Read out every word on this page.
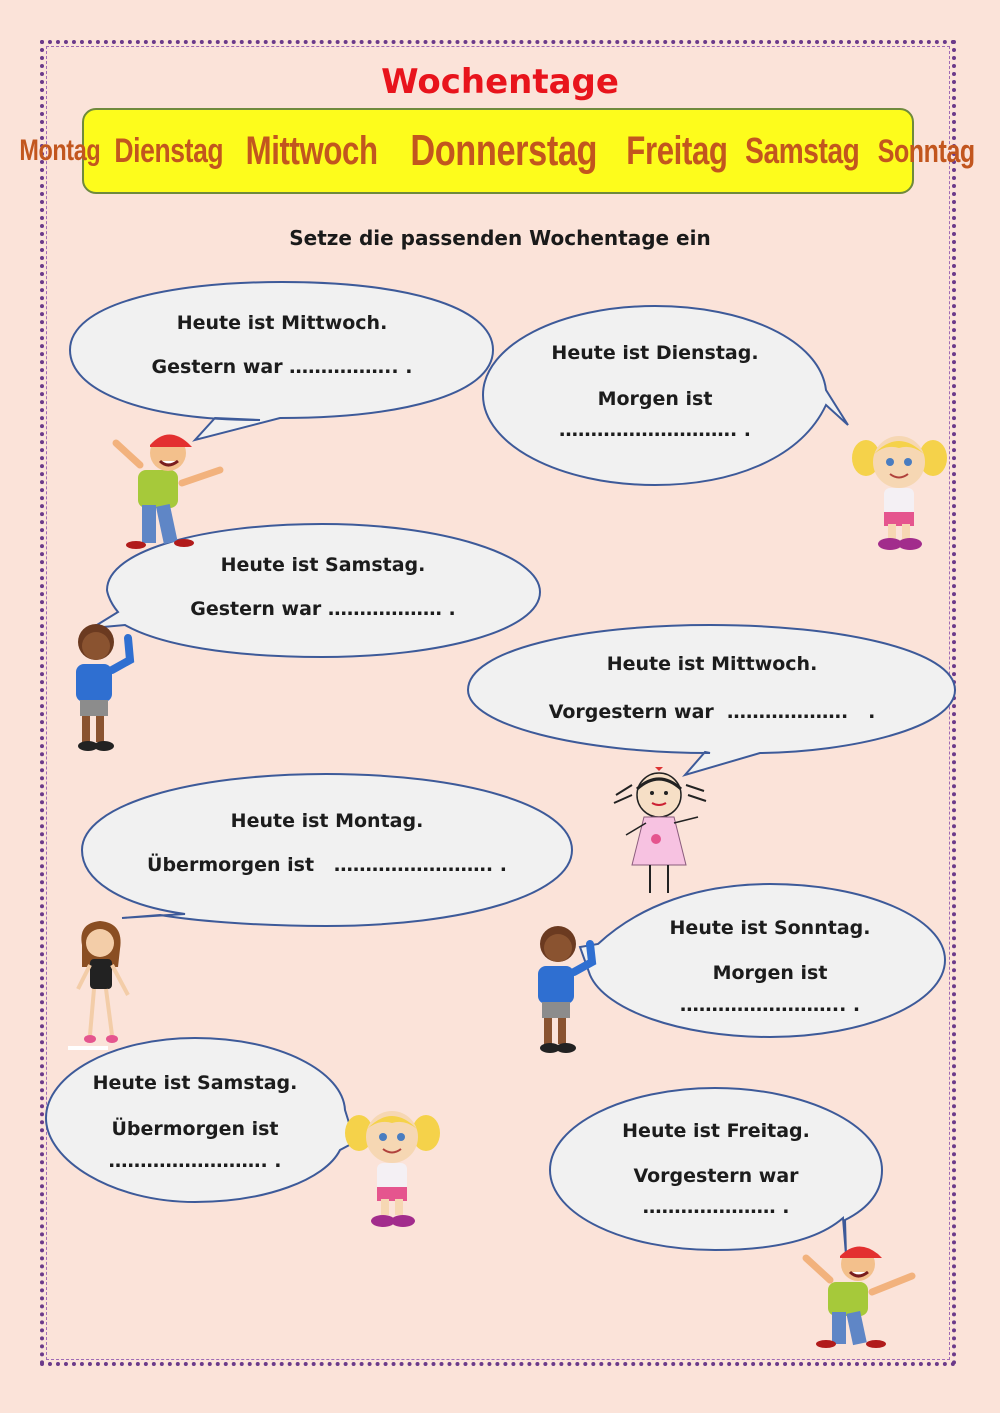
Wochentage
Montag Dienstag Mittwoch Donnerstag Freitag Samstag Sonntag
Setze die passenden Wochentage ein
Heute ist Mittwoch.
Gestern war …………….. .
Heute ist Dienstag.
Morgen ist
………………………. .
Heute ist Samstag.
Gestern war ……………… .
Heute ist Mittwoch.
Vorgestern war  ……………….   .
Heute ist Montag.
Übermorgen ist   ……………………. .
Heute ist Sonntag.
Morgen ist
…………………….. .
Heute ist Samstag.
Übermorgen ist
……………………. .
Heute ist Freitag.
Vorgestern war
………………… .
